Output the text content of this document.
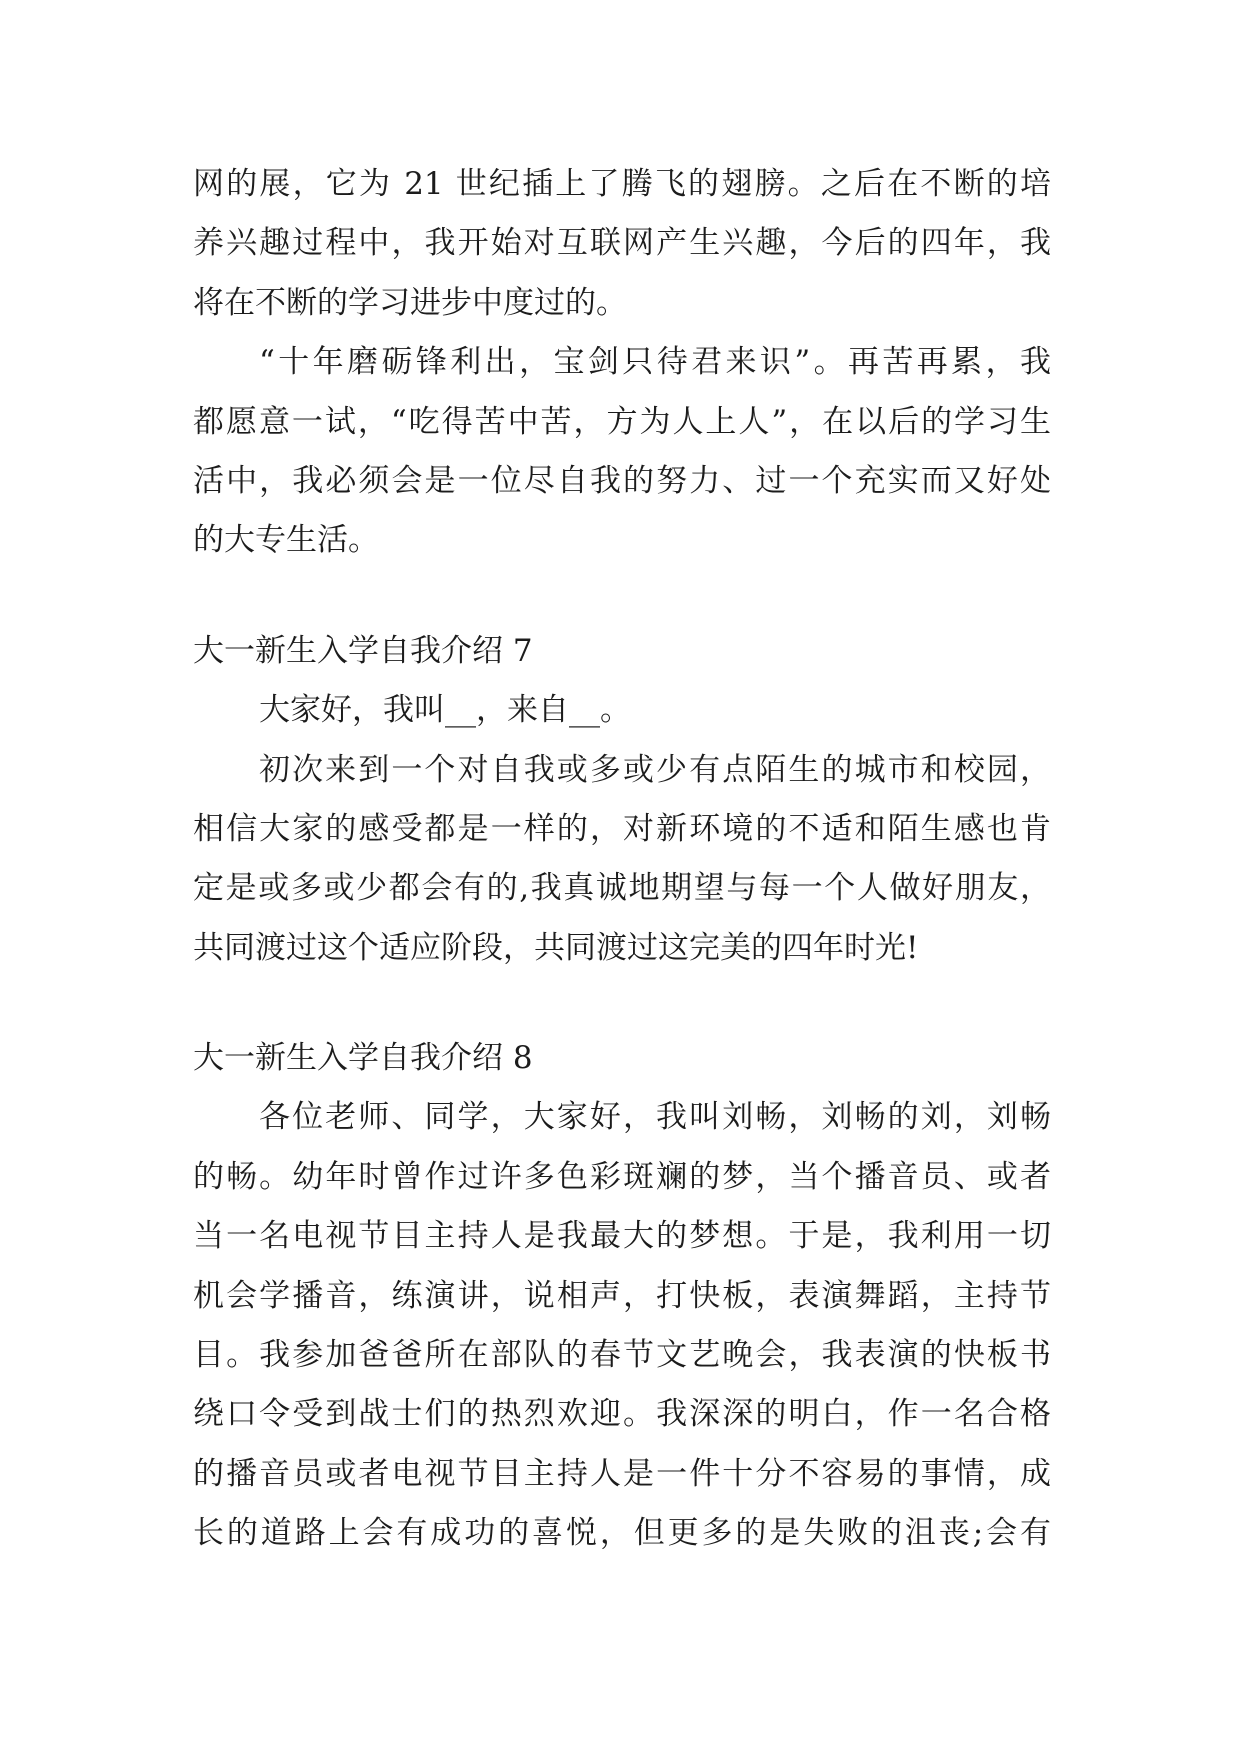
网的展，它为 21 世纪插上了腾飞的翅膀。之后在不断的培
养兴趣过程中，我开始对互联网产生兴趣，今后的四年，我
将在不断的学习进步中度过的。
“十年磨砺锋利出，宝剑只待君来识”。再苦再累，我
都愿意一试，“吃得苦中苦，方为人上人”，在以后的学习生
活中，我必须会是一位尽自我的努力、过一个充实而又好处
的大专生活。
大一新生入学自我介绍 7
大家好，我叫__，来自__。
初次来到一个对自我或多或少有点陌生的城市和校园，
相信大家的感受都是一样的，对新环境的不适和陌生感也肯
定是或多或少都会有的,我真诚地期望与每一个人做好朋友，
共同渡过这个适应阶段，共同渡过这完美的四年时光!
大一新生入学自我介绍 8
各位老师、同学，大家好，我叫刘畅，刘畅的刘，刘畅
的畅。幼年时曾作过许多色彩斑斓的梦，当个播音员、或者
当一名电视节目主持人是我最大的梦想。于是，我利用一切
机会学播音，练演讲，说相声，打快板，表演舞蹈，主持节
目。我参加爸爸所在部队的春节文艺晚会，我表演的快板书
绕口令受到战士们的热烈欢迎。我深深的明白，作一名合格
的播音员或者电视节目主持人是一件十分不容易的事情，成
长的道路上会有成功的喜悦，但更多的是失败的沮丧;会有
